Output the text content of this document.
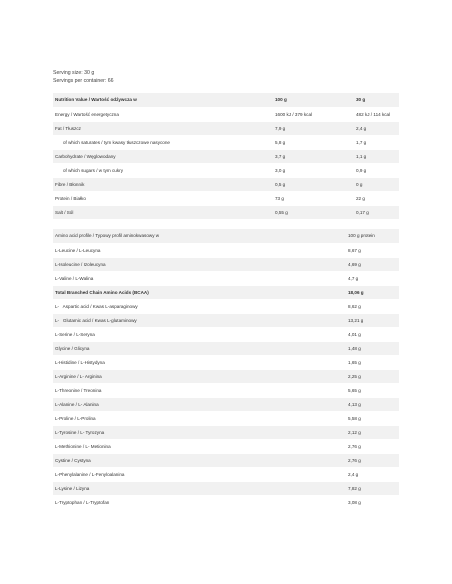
Serving size: 30 g
Servings per container: 66
Nutrition Value / Wartość odżywcza w	100 g	30 g
Energy / Wartość energetyczna	1600 kJ / 379 kcal	482 kJ / 114 kcal
Fat / Tłuszcz	7,9 g	2,4 g
of which saturates / tym kwasy tłuszczowe nasycone	5,8 g	1,7 g
Carbohydrate / Węglowodany	3,7 g	1,1 g
of which sugars / w tym cukry	3,0 g	0,9 g
Fibre / Błonnik	0,5 g	0 g
Protein / Białko	73 g	22 g
Salt / Sól	0,55 g	0,17 g
Amino acid profile / Typowy profil aminokwasowy w	100 g protein
L-Leucine / L-Leucyna	8,67 g
L-Isoleucine / Izoleucyna	4,69 g
L-Valine / L-Walina	4,7 g
Total Branched Chain Amino Acids (BCAA)	18,06 g
L-   Aspartic acid / Kwas L-asparaginowy	8,62 g
L-   Glutamic acid / Kwas L-glutaminowy	13,21 g
L-Serine / L-Seryna	4,01 g
Glycine / Glicyna	1,48 g
L-Histidine / L-Histydyna	1,65 g
L-Arginine / L- Arginina	2,25 g
L-Threonine / Treonina	5,65 g
L-Alanine / L- Alanina	4,13 g
L-Proline / L-Prolina	5,58 g
L-Tyrosine / L- Tyrozyna	2,12 g
L-Methionine / L- Metionina	2,76 g
Cystine / Cystyna	2,76 g
L-Phenylalanine / L-Fenyloalanina	2,4 g
L-Lysine / Lizyna	7,82 g
L-Tryptophan / L-Tryptofan	3,08 g
